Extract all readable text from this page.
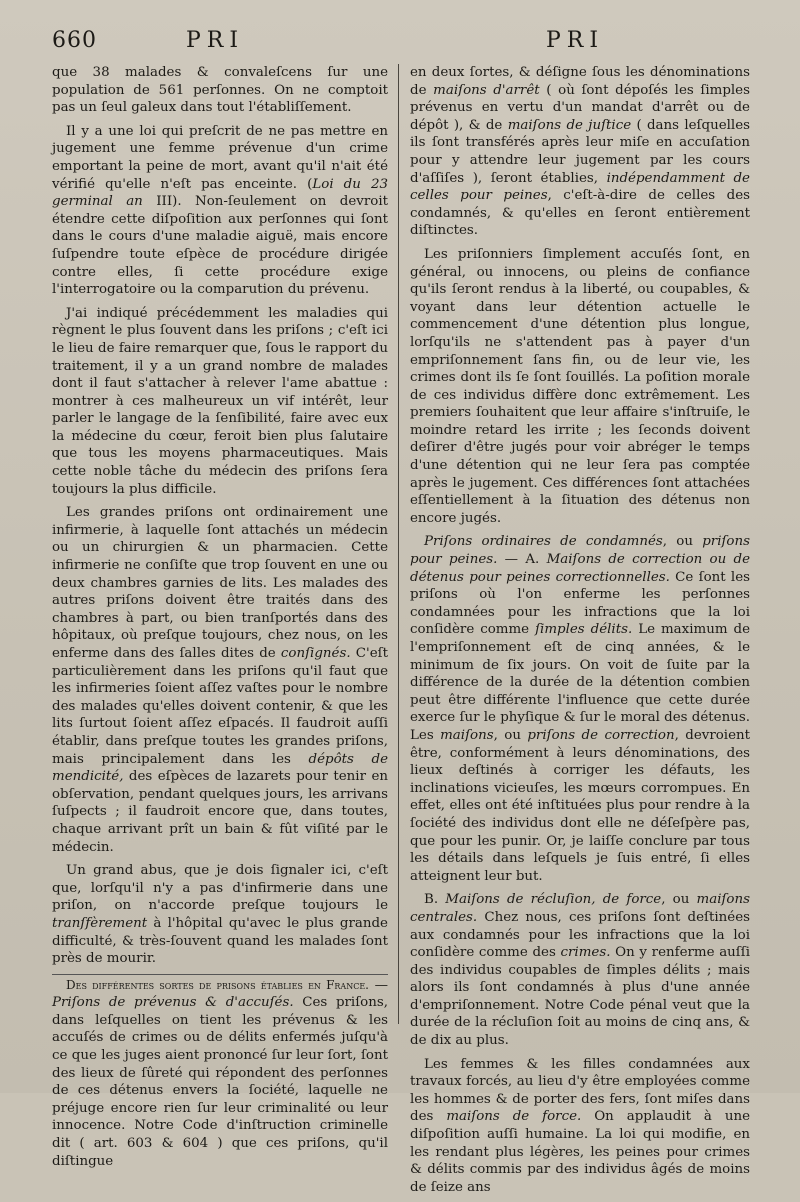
660	PRI	PRI

que 38 malades & convaleſcens ſur une population de 561 perſonnes. On ne comptoit pas un ſeul galeux dans tout l'établiſſement.

Il y a une loi qui preſcrit de ne pas mettre en jugement une femme prévenue d'un crime emportant la peine de mort, avant qu'il n'ait été vérifié qu'elle n'eſt pas enceinte. (Loi du 23 germinal an III). Non-ſeulement on devroit étendre cette diſpoſition aux perſonnes qui ſont dans le cours d'une maladie aiguë, mais encore ſuſpendre toute eſpèce de procédure dirigée contre elles, ſi cette procédure exige l'interrogatoire ou la comparution du prévenu.

J'ai indiqué précédemment les maladies qui règnent le plus ſouvent dans les priſons ; c'eſt ici le lieu de faire remarquer que, ſous le rapport du traitement, il y a un grand nombre de malades dont il faut s'attacher à relever l'ame abattue : montrer à ces malheureux un vif intérêt, leur parler le langage de la ſenſibilité, faire avec eux la médecine du cœur, feroit bien plus ſalutaire que tous les moyens pharmaceutiques. Mais cette noble tâche du médecin des priſons ſera toujours la plus difficile.

Les grandes priſons ont ordinairement une infirmerie, à laquelle ſont attachés un médecin ou un chirurgien & un pharmacien. Cette infirmerie ne conſiſte que trop ſouvent en une ou deux chambres garnies de lits. Les malades des autres priſons doivent être traités dans des chambres à part, ou bien tranſportés dans des hôpitaux, où preſque toujours, chez nous, on les enferme dans des ſalles dites de conſignés. C'eſt particulièrement dans les priſons qu'il faut que les infirmeries ſoient aſſez vaſtes pour le nombre des malades qu'elles doivent contenir, & que les lits ſurtout ſoient aſſez eſpacés. Il faudroit auſſi établir, dans preſque toutes les grandes priſons, mais principalement dans les dépôts de mendicité, des eſpèces de lazarets pour tenir en obſervation, pendant quelques jours, les arrivans ſuſpects ; il faudroit encore que, dans toutes, chaque arrivant prît un bain & fût viſité par le médecin.

Un grand abus, que je dois ſignaler ici, c'eſt que, lorſqu'il n'y a pas d'infirmerie dans une priſon, on n'accorde preſque toujours le tranſfèrement à l'hôpital qu'avec le plus grande difficulté, & très-ſouvent quand les malades ſont près de mourir.

Des différentes sortes de prisons établies en France. — Priſons de prévenus & d'accuſés. Ces priſons, dans leſquelles on tient les prévenus & les accuſés de crimes ou de délits enfermés juſqu'à ce que les juges aient prononcé ſur leur ſort, ſont des lieux de ſûreté qui répondent des perſonnes de ces détenus envers la ſociété, laquelle ne préjuge encore rien ſur leur criminalité ou leur innocence. Notre Code d'inſtruction criminelle dit ( art. 603 & 604 ) que ces priſons, qu'il diſtingue

en deux ſortes, & déſigne ſous les dénominations de maiſons d'arrêt ( où ſont dépoſés les ſimples prévenus en vertu d'un mandat d'arrêt ou de dépôt ), & de maiſons de juſtice ( dans leſquelles ils ſont transférés après leur miſe en accuſation pour y attendre leur jugement par les cours d'aſſiſes ), ſeront établies, indépendamment de celles pour peines, c'eſt-à-dire de celles des condamnés, & qu'elles en ſeront entièrement diſtinctes.

Les priſonniers ſimplement accuſés ſont, en général, ou innocens, ou pleins de confiance qu'ils ſeront rendus à la liberté, ou coupables, & voyant dans leur détention actuelle le commencement d'une détention plus longue, lorſqu'ils ne s'attendent pas à payer d'un empriſonnement ſans fin, ou de leur vie, les crimes dont ils ſe ſont ſouillés. La poſition morale de ces individus diffère donc extrêmement. Les premiers ſouhaitent que leur affaire s'inſtruiſe, le moindre retard les irrite ; les ſeconds doivent deſirer d'être jugés pour voir abréger le temps d'une détention qui ne leur ſera pas comptée après le jugement. Ces différences ſont attachées eſſentiellement à la ſituation des détenus non encore jugés.

Priſons ordinaires de condamnés, ou priſons pour peines. — A. Maiſons de correction ou de détenus pour peines correctionnelles. Ce ſont les priſons où l'on enferme les perſonnes condamnées pour les infractions que la loi conſidère comme ſimples délits. Le maximum de l'empriſonnement eſt de cinq années, & le minimum de ſix jours. On voit de ſuite par la différence de la durée de la détention combien peut être différente l'influence que cette durée exerce ſur le phyſique & ſur le moral des détenus. Les maiſons, ou priſons de correction, devroient être, conformément à leurs dénominations, des lieux deſtinés à corriger les défauts, les inclinations vicieuſes, les mœurs corrompues. En effet, elles ont été inſtituées plus pour rendre à la ſociété des individus dont elle ne déſeſpère pas, que pour les punir. Or, je laiſſe conclure par tous les détails dans leſquels je ſuis entré, ſi elles atteignent leur but.

B. Maiſons de récluſion, de force, ou maiſons centrales. Chez nous, ces priſons ſont deſtinées aux condamnés pour les infractions que la loi conſidère comme des crimes. On y renferme auſſi des individus coupables de ſimples délits ; mais alors ils ſont condamnés à plus d'une année d'empriſonnement. Notre Code pénal veut que la durée de la récluſion ſoit au moins de cinq ans, & de dix au plus.

Les femmes & les filles condamnées aux travaux forcés, au lieu d'y être employées comme les hommes & de porter des fers, ſont miſes dans des maiſons de force. On applaudit à une diſpoſition auſſi humaine. La loi qui modifie, en les rendant plus légères, les peines pour crimes & délits commis par des individus âgés de moins de ſeize ans
